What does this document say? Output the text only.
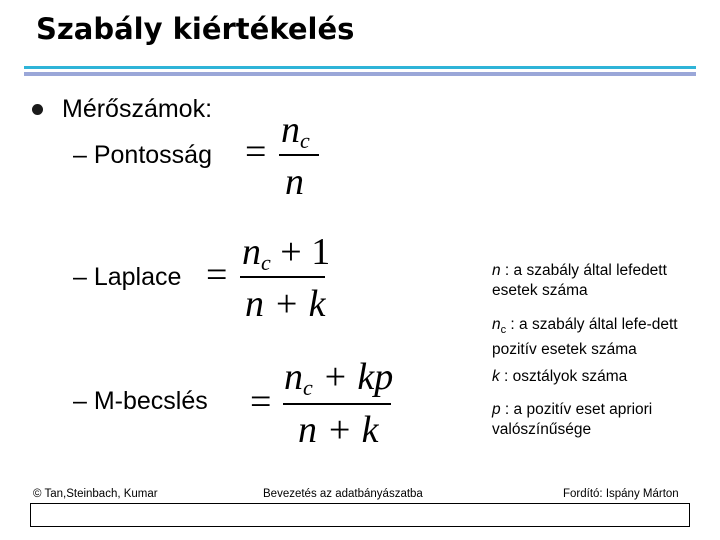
Szabály kiértékelés
Mérőszámok:
– Pontosság
– Laplace
– M-becslés
=
$n_c$
n
=
$n_c + 1$
n + k
=
$n_c$ + kp
n + k
n : a szabály által lefedett esetek száma
$n_c$ : a szabály által lefe-dett pozitív esetek száma
k : osztályok száma
p : a pozitív eset apriori valószínűsége
© Tan,Steinbach, Kumar	Bevezetés az adatbányászatba	Fordító: Ispány Márton
